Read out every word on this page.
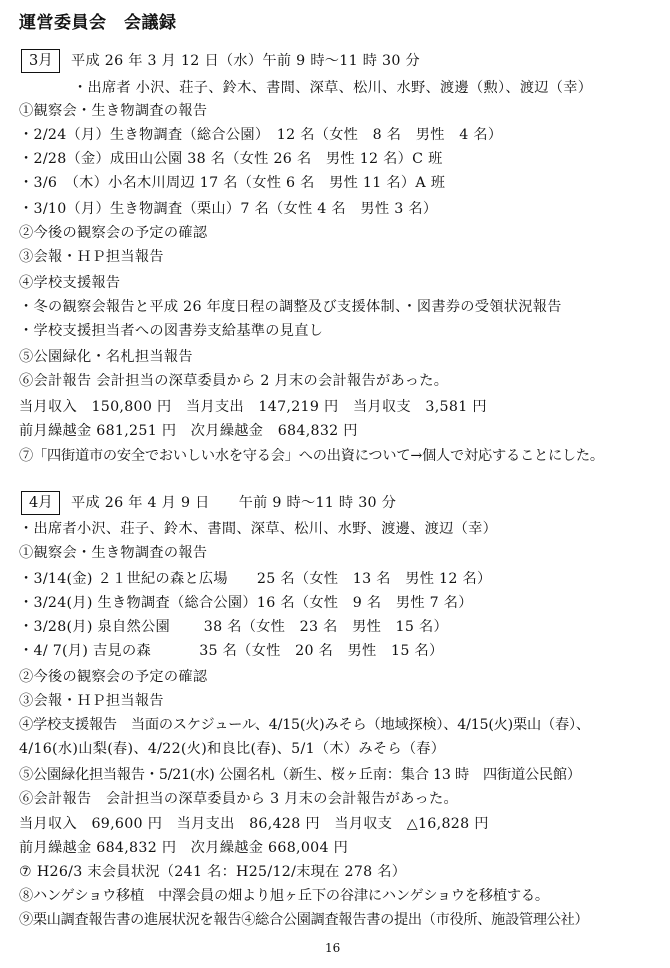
運営委員会　会議録
3月	平成 26 年 3 月 12 日（水）午前 9 時〜11 時 30 分
・出席者 小沢、荘子、鈴木、書間、深草、松川、水野、渡邊（勲）、渡辺（幸）
①観察会・生き物調査の報告
・2/24（月）生き物調査（総合公園）　12 名（女性　8 名　男性　4 名）
・2/28（金）成田山公園 38 名（女性 26 名　男性 12 名）C 班
・3/6　（木）小名木川周辺 17 名（女性 6 名　男性 11 名）A 班
・3/10（月）生き物調査（栗山）7 名（女性 4 名　男性 3 名）
②今後の観察会の予定の確認
③会報・ＨＰ担当報告
④学校支援報告
・冬の観察会報告と平成 26 年度日程の調整及び支援体制、・図書券の受領状況報告
・学校支援担当者への図書券支給基準の見直し
⑤公園緑化・名札担当報告
⑥会計報告 会計担当の深草委員から 2 月末の会計報告があった。
当月収入　150,800 円　当月支出　147,219 円　当月収支　3,581 円
前月繰越金 681,251 円　次月繰越金　684,832 円
⑦「四街道市の安全でおいしい水を守る会」への出資について→個人で対応することにした。
4月	平成 26 年 4 月 9 日　　午前 9 時〜11 時 30 分
・出席者小沢、荘子、鈴木、書間、深草、松川、水野、渡邊、渡辺（幸）
①観察会・生き物調査の報告
・3/14(金) ２１世紀の森と広場　　25 名（女性　13 名　男性 12 名）
・3/24(月) 生き物調査（総合公園）16 名（女性　9 名　男性 7 名）
・3/28(月) 泉自然公園　　 38 名（女性　23 名　男性　15 名）
・4/ 7(月) 吉見の森　　　 35 名（女性　20 名　男性　15 名）
②今後の観察会の予定の確認
③会報・ＨＰ担当報告
④学校支援報告　当面のスケジュール、4/15(火)みそら（地域探検）、4/15(火)栗山（春）、
4/16(水)山梨(春)、4/22(火)和良比(春)、5/1（木）みそら（春）
⑤公園緑化担当報告・5/21(水) 公園名札（新生、桜ヶ丘南：集合 13 時　四街道公民館）
⑥会計報告　会計担当の深草委員から 3 月末の会計報告があった。
当月収入　69,600 円　当月支出　86,428 円　当月収支　△16,828 円
前月繰越金 684,832 円　次月繰越金 668,004 円
⑦ H26/3 末会員状況（241 名：H25/12/末現在 278 名）
⑧ハンゲショウ移植　中澤会員の畑より旭ヶ丘下の谷津にハンゲショウを移植する。
⑨栗山調査報告書の進展状況を報告④総合公園調査報告書の提出（市役所、施設管理公社）
16
